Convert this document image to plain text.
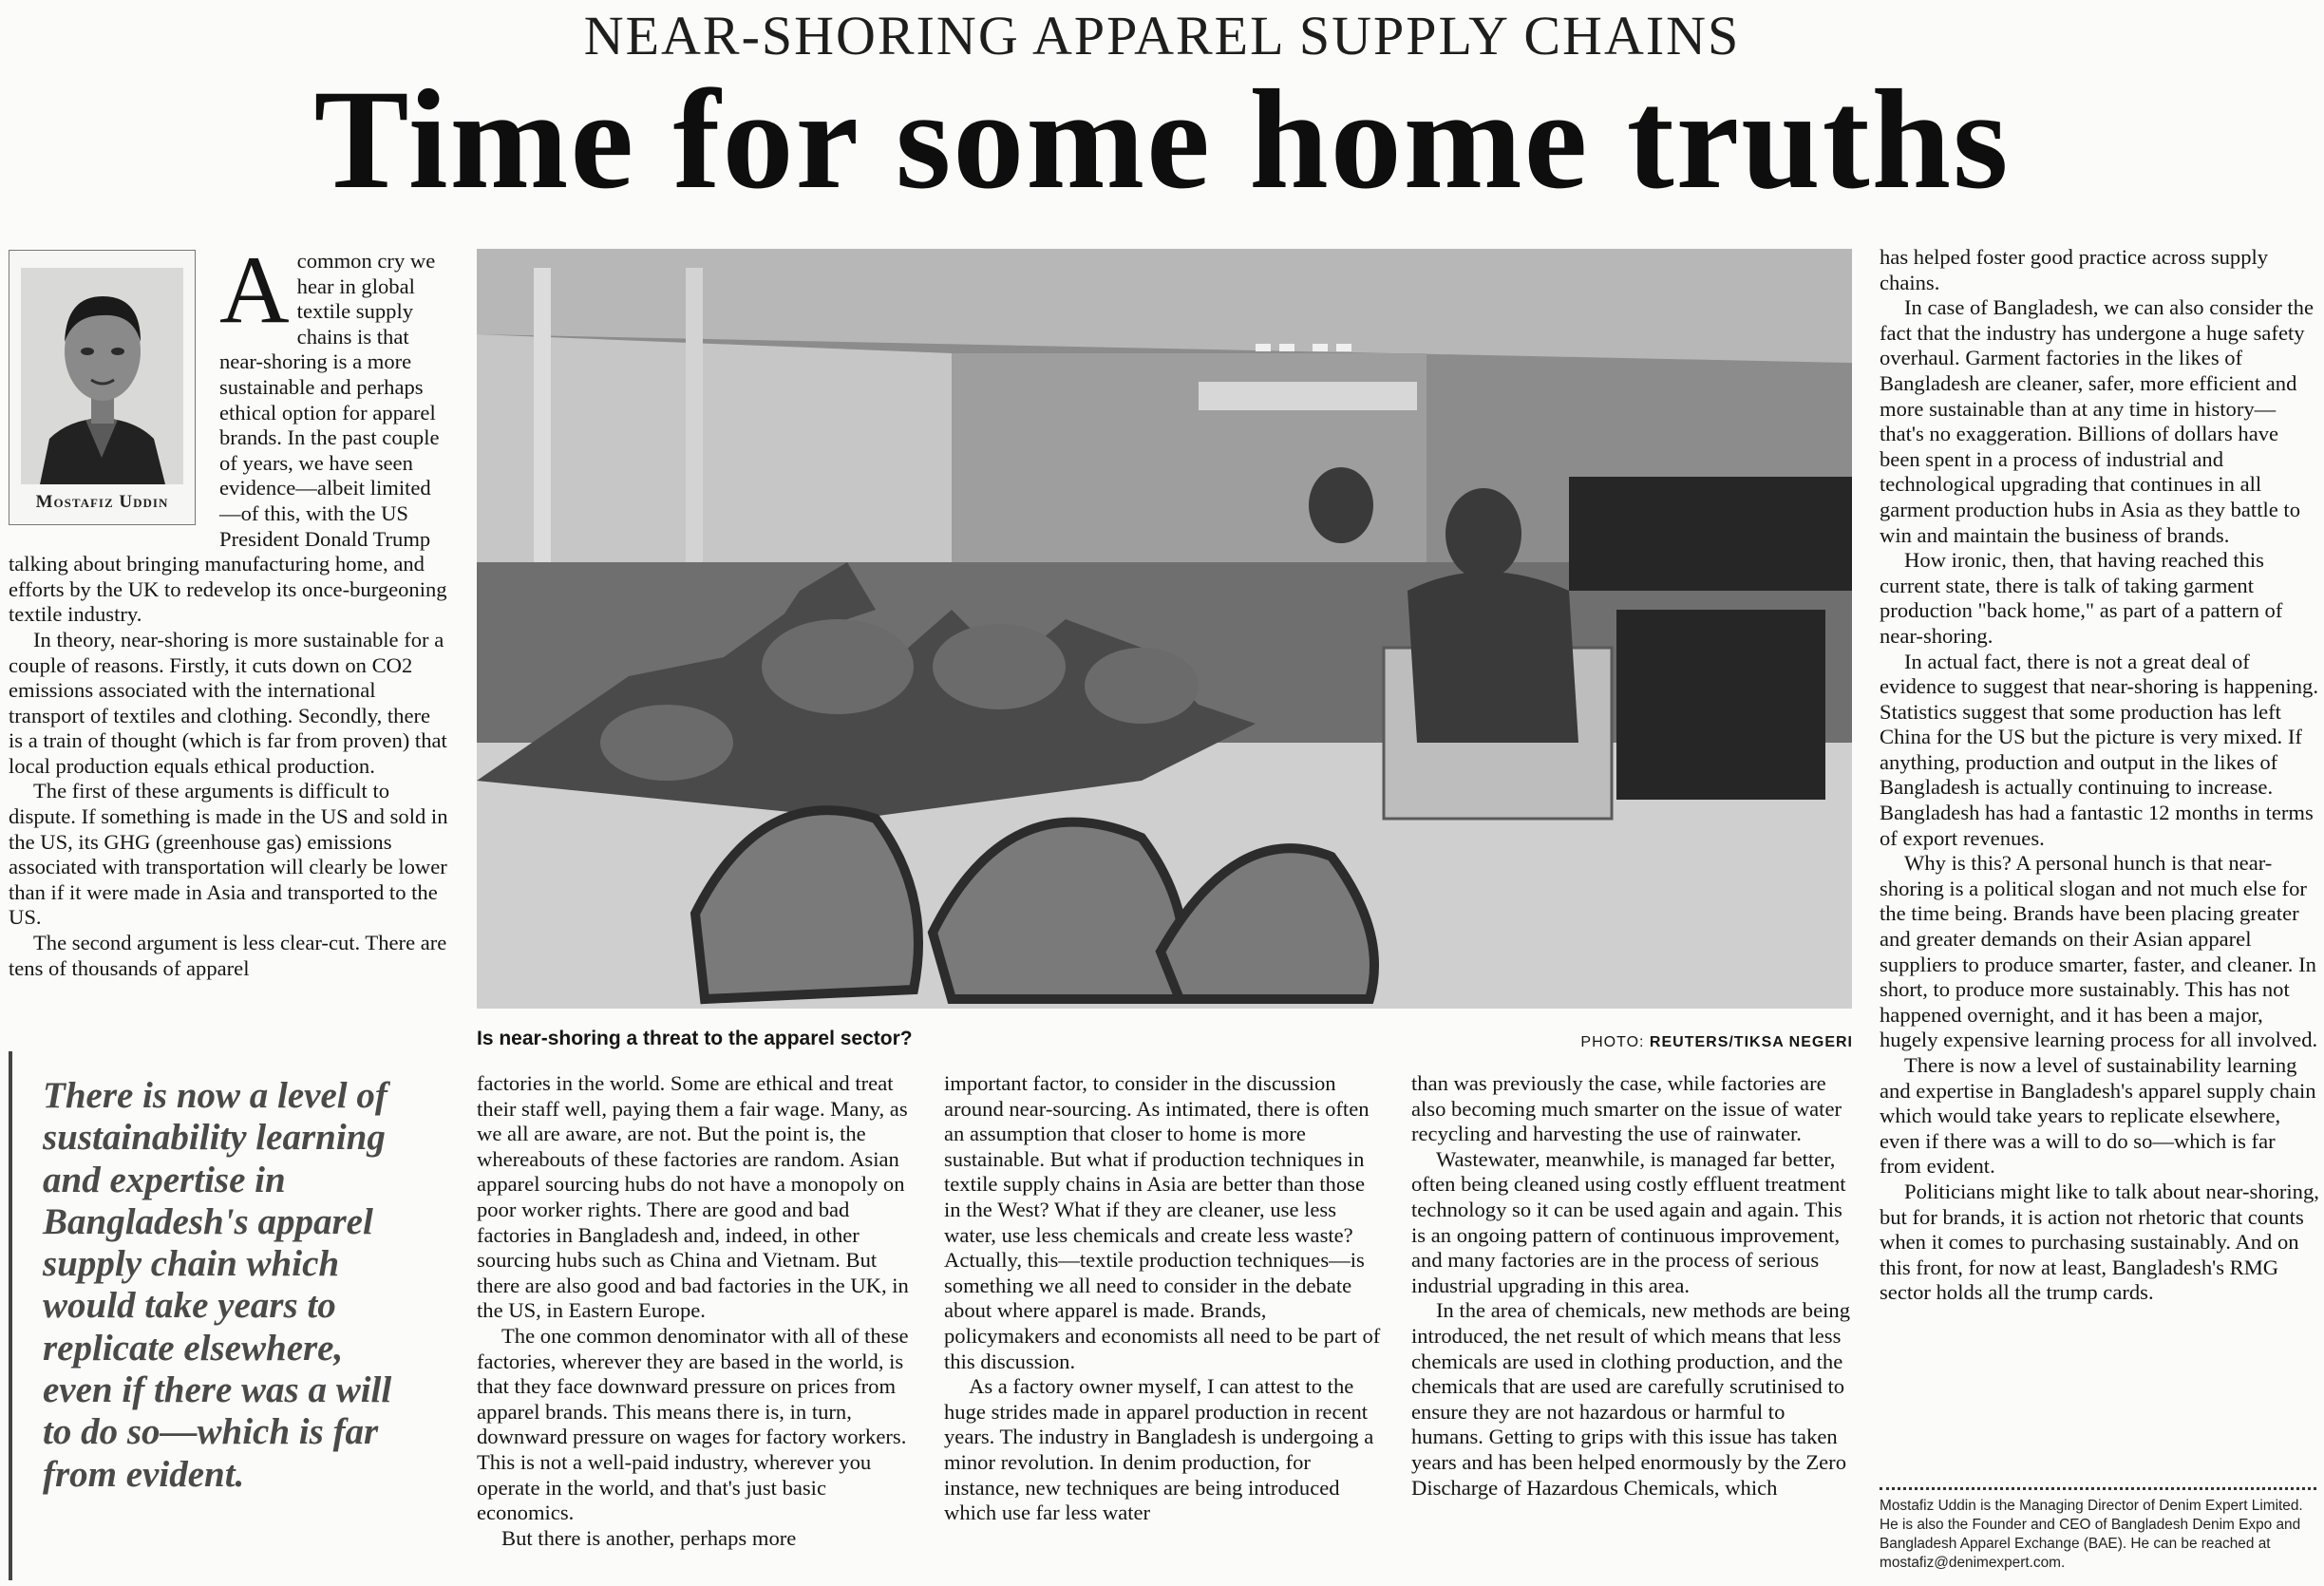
NEAR-SHORING APPAREL SUPPLY CHAINS
Time for some home truths
Mostafiz Uddin

Acommon cry we hear in global textile supply chains is that near-shoring is a more sustainable and perhaps ethical option for apparel brands. In the past couple of years, we have seen evidence—albeit limited—of this, with the US President Donald Trump talking about bringing manufacturing home, and efforts by the UK to redevelop its once-burgeoning textile industry.

In theory, near-shoring is more sustainable for a couple of reasons. Firstly, it cuts down on CO2 emissions associated with the international transport of textiles and clothing. Secondly, there is a train of thought (which is far from proven) that local production equals ethical production.

The first of these arguments is difficult to dispute. If something is made in the US and sold in the US, its GHG (greenhouse gas) emissions associated with transportation will clearly be lower than if it were made in Asia and transported to the US.

The second argument is less clear-cut. There are tens of thousands of apparel

There is now a level of sustainability learning and expertise in Bangladesh's apparel supply chain which would take years to replicate elsewhere, even if there was a will to do so—which is far from evident.
Is near-shoring a threat to the apparel sector?	PHOTO: REUTERS/TIKSA NEGERI

factories in the world. Some are ethical and treat their staff well, paying them a fair wage. Many, as we all are aware, are not. But the point is, the whereabouts of these factories are random. Asian apparel sourcing hubs do not have a monopoly on poor worker rights. There are good and bad factories in Bangladesh and, indeed, in other sourcing hubs such as China and Vietnam. But there are also good and bad factories in the UK, in the US, in Eastern Europe.

The one common denominator with all of these factories, wherever they are based in the world, is that they face downward pressure on prices from apparel brands. This means there is, in turn, downward pressure on wages for factory workers. This is not a well-paid industry, wherever you operate in the world, and that's just basic economics.

But there is another, perhaps more

important factor, to consider in the discussion around near-sourcing. As intimated, there is often an assumption that closer to home is more sustainable. But what if production techniques in textile supply chains in Asia are better than those in the West? What if they are cleaner, use less water, use less chemicals and create less waste? Actually, this—textile production techniques—is something we all need to consider in the debate about where apparel is made. Brands, policymakers and economists all need to be part of this discussion.

As a factory owner myself, I can attest to the huge strides made in apparel production in recent years. The industry in Bangladesh is undergoing a minor revolution. In denim production, for instance, new techniques are being introduced which use far less water

than was previously the case, while factories are also becoming much smarter on the issue of water recycling and harvesting the use of rainwater.

Wastewater, meanwhile, is managed far better, often being cleaned using costly effluent treatment technology so it can be used again and again. This is an ongoing pattern of continuous improvement, and many factories are in the process of serious industrial upgrading in this area.

In the area of chemicals, new methods are being introduced, the net result of which means that less chemicals are used in clothing production, and the chemicals that are used are carefully scrutinised to ensure they are not hazardous or harmful to humans. Getting to grips with this issue has taken years and has been helped enormously by the Zero Discharge of Hazardous Chemicals, which

has helped foster good practice across supply chains.

In case of Bangladesh, we can also consider the fact that the industry has undergone a huge safety overhaul. Garment factories in the likes of Bangladesh are cleaner, safer, more efficient and more sustainable than at any time in history—that's no exaggeration. Billions of dollars have been spent in a process of industrial and technological upgrading that continues in all garment production hubs in Asia as they battle to win and maintain the business of brands.

How ironic, then, that having reached this current state, there is talk of taking garment production "back home," as part of a pattern of near-shoring.

In actual fact, there is not a great deal of evidence to suggest that near-shoring is happening. Statistics suggest that some production has left China for the US but the picture is very mixed. If anything, production and output in the likes of Bangladesh is actually continuing to increase. Bangladesh has had a fantastic 12 months in terms of export revenues.

Why is this? A personal hunch is that near-shoring is a political slogan and not much else for the time being. Brands have been placing greater and greater demands on their Asian apparel suppliers to produce smarter, faster, and cleaner. In short, to produce more sustainably. This has not happened overnight, and it has been a major, hugely expensive learning process for all involved.

There is now a level of sustainability learning and expertise in Bangladesh's apparel supply chain which would take years to replicate elsewhere, even if there was a will to do so—which is far from evident.

Politicians might like to talk about near-shoring, but for brands, it is action not rhetoric that counts when it comes to purchasing sustainably. And on this front, for now at least, Bangladesh's RMG sector holds all the trump cards.

Mostafiz Uddin is the Managing Director of Denim Expert Limited. He is also the Founder and CEO of Bangladesh Denim Expo and Bangladesh Apparel Exchange (BAE). He can be reached at mostafiz@denimexpert.com.
